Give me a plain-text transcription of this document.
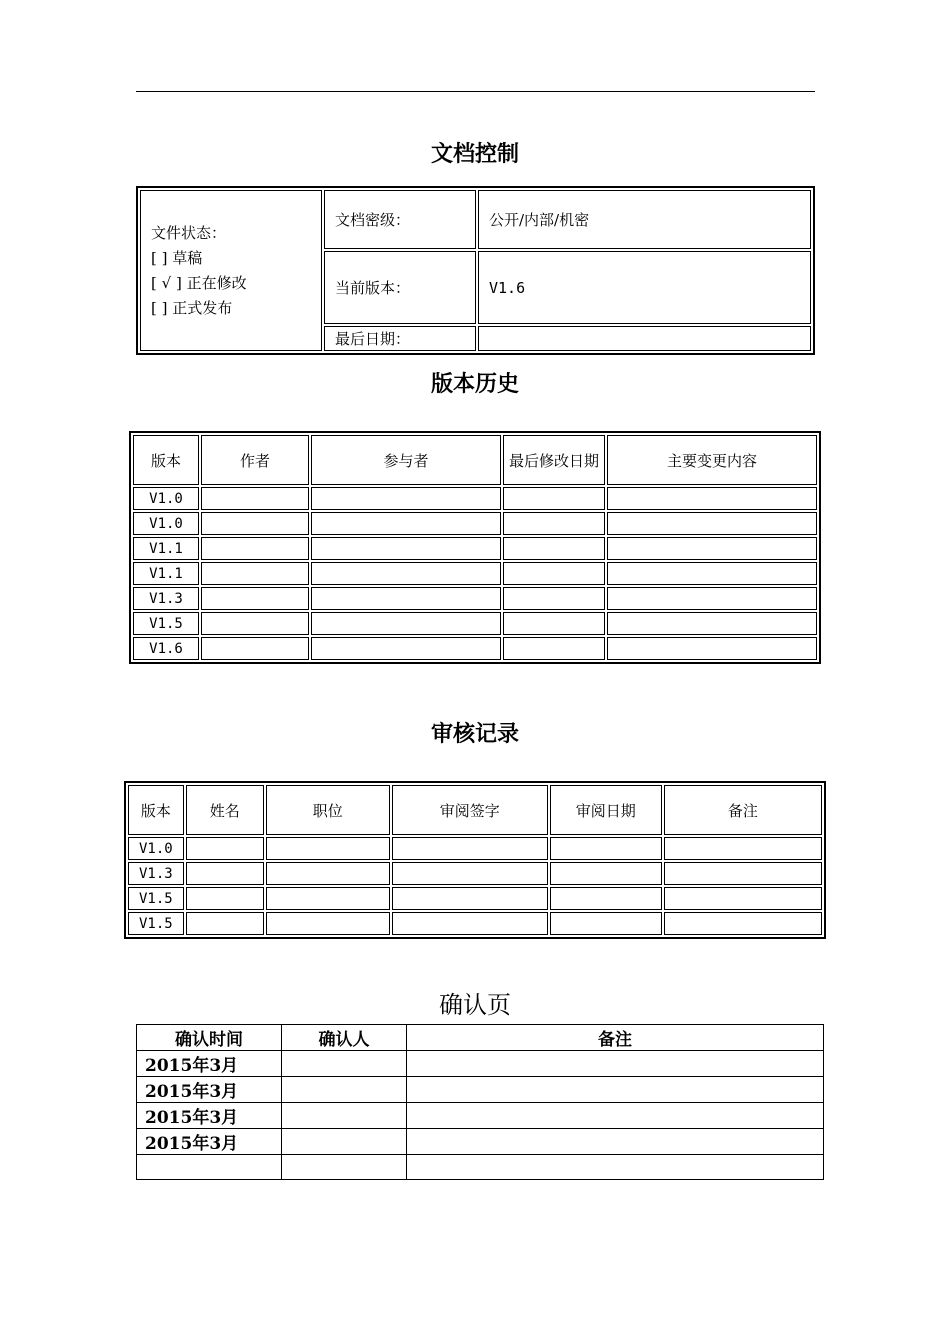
文档控制
文件状态：
[ ] 草稿
[ √ ] 正在修改
[ ] 正式发布	文档密级：	公开/内部/机密
	当前版本：	V1.6
	最后日期：	
版本历史
版本	作者	参与者	最后修改日期	主要变更内容
V1.0				
V1.0				
V1.1				
V1.1				
V1.3				
V1.5				
V1.6				
审核记录
版本	姓名	职位	审阅签字	审阅日期	备注
V1.0					
V1.3					
V1.5					
V1.5					
确认页
确认时间	确认人	备注
2015年3月		
2015年3月		
2015年3月		
2015年3月		
